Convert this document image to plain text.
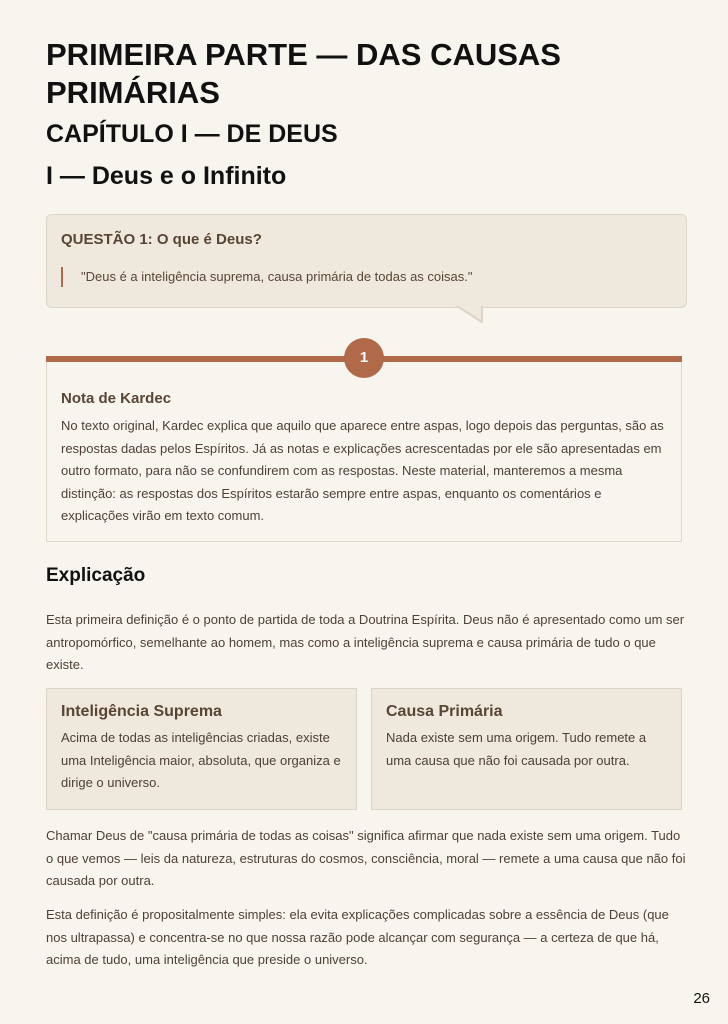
PRIMEIRA PARTE — DAS CAUSAS PRIMÁRIAS
CAPÍTULO I — DE DEUS
I — Deus e o Infinito
QUESTÃO 1: O que é Deus?
"Deus é a inteligência suprema, causa primária de todas as coisas."
Nota de Kardec
No texto original, Kardec explica que aquilo que aparece entre aspas, logo depois das perguntas, são as respostas dadas pelos Espíritos. Já as notas e explicações acrescentadas por ele são apresentadas em outro formato, para não se confundirem com as respostas. Neste material, manteremos a mesma distinção: as respostas dos Espíritos estarão sempre entre aspas, enquanto os comentários e explicações virão em texto comum.
1
Explicação
Esta primeira definição é o ponto de partida de toda a Doutrina Espírita. Deus não é apresentado como um ser antropomórfico, semelhante ao homem, mas como a inteligência suprema e causa primária de tudo o que existe.
Inteligência Suprema
Acima de todas as inteligências criadas, existe uma Inteligência maior, absoluta, que organiza e dirige o universo.
Causa Primária
Nada existe sem uma origem. Tudo remete a uma causa que não foi causada por outra.
Chamar Deus de "causa primária de todas as coisas" significa afirmar que nada existe sem uma origem. Tudo o que vemos — leis da natureza, estruturas do cosmos, consciência, moral — remete a uma causa que não foi causada por outra.
Esta definição é propositalmente simples: ela evita explicações complicadas sobre a essência de Deus (que nos ultrapassa) e concentra-se no que nossa razão pode alcançar com segurança — a certeza de que há, acima de tudo, uma inteligência que preside o universo.
26
